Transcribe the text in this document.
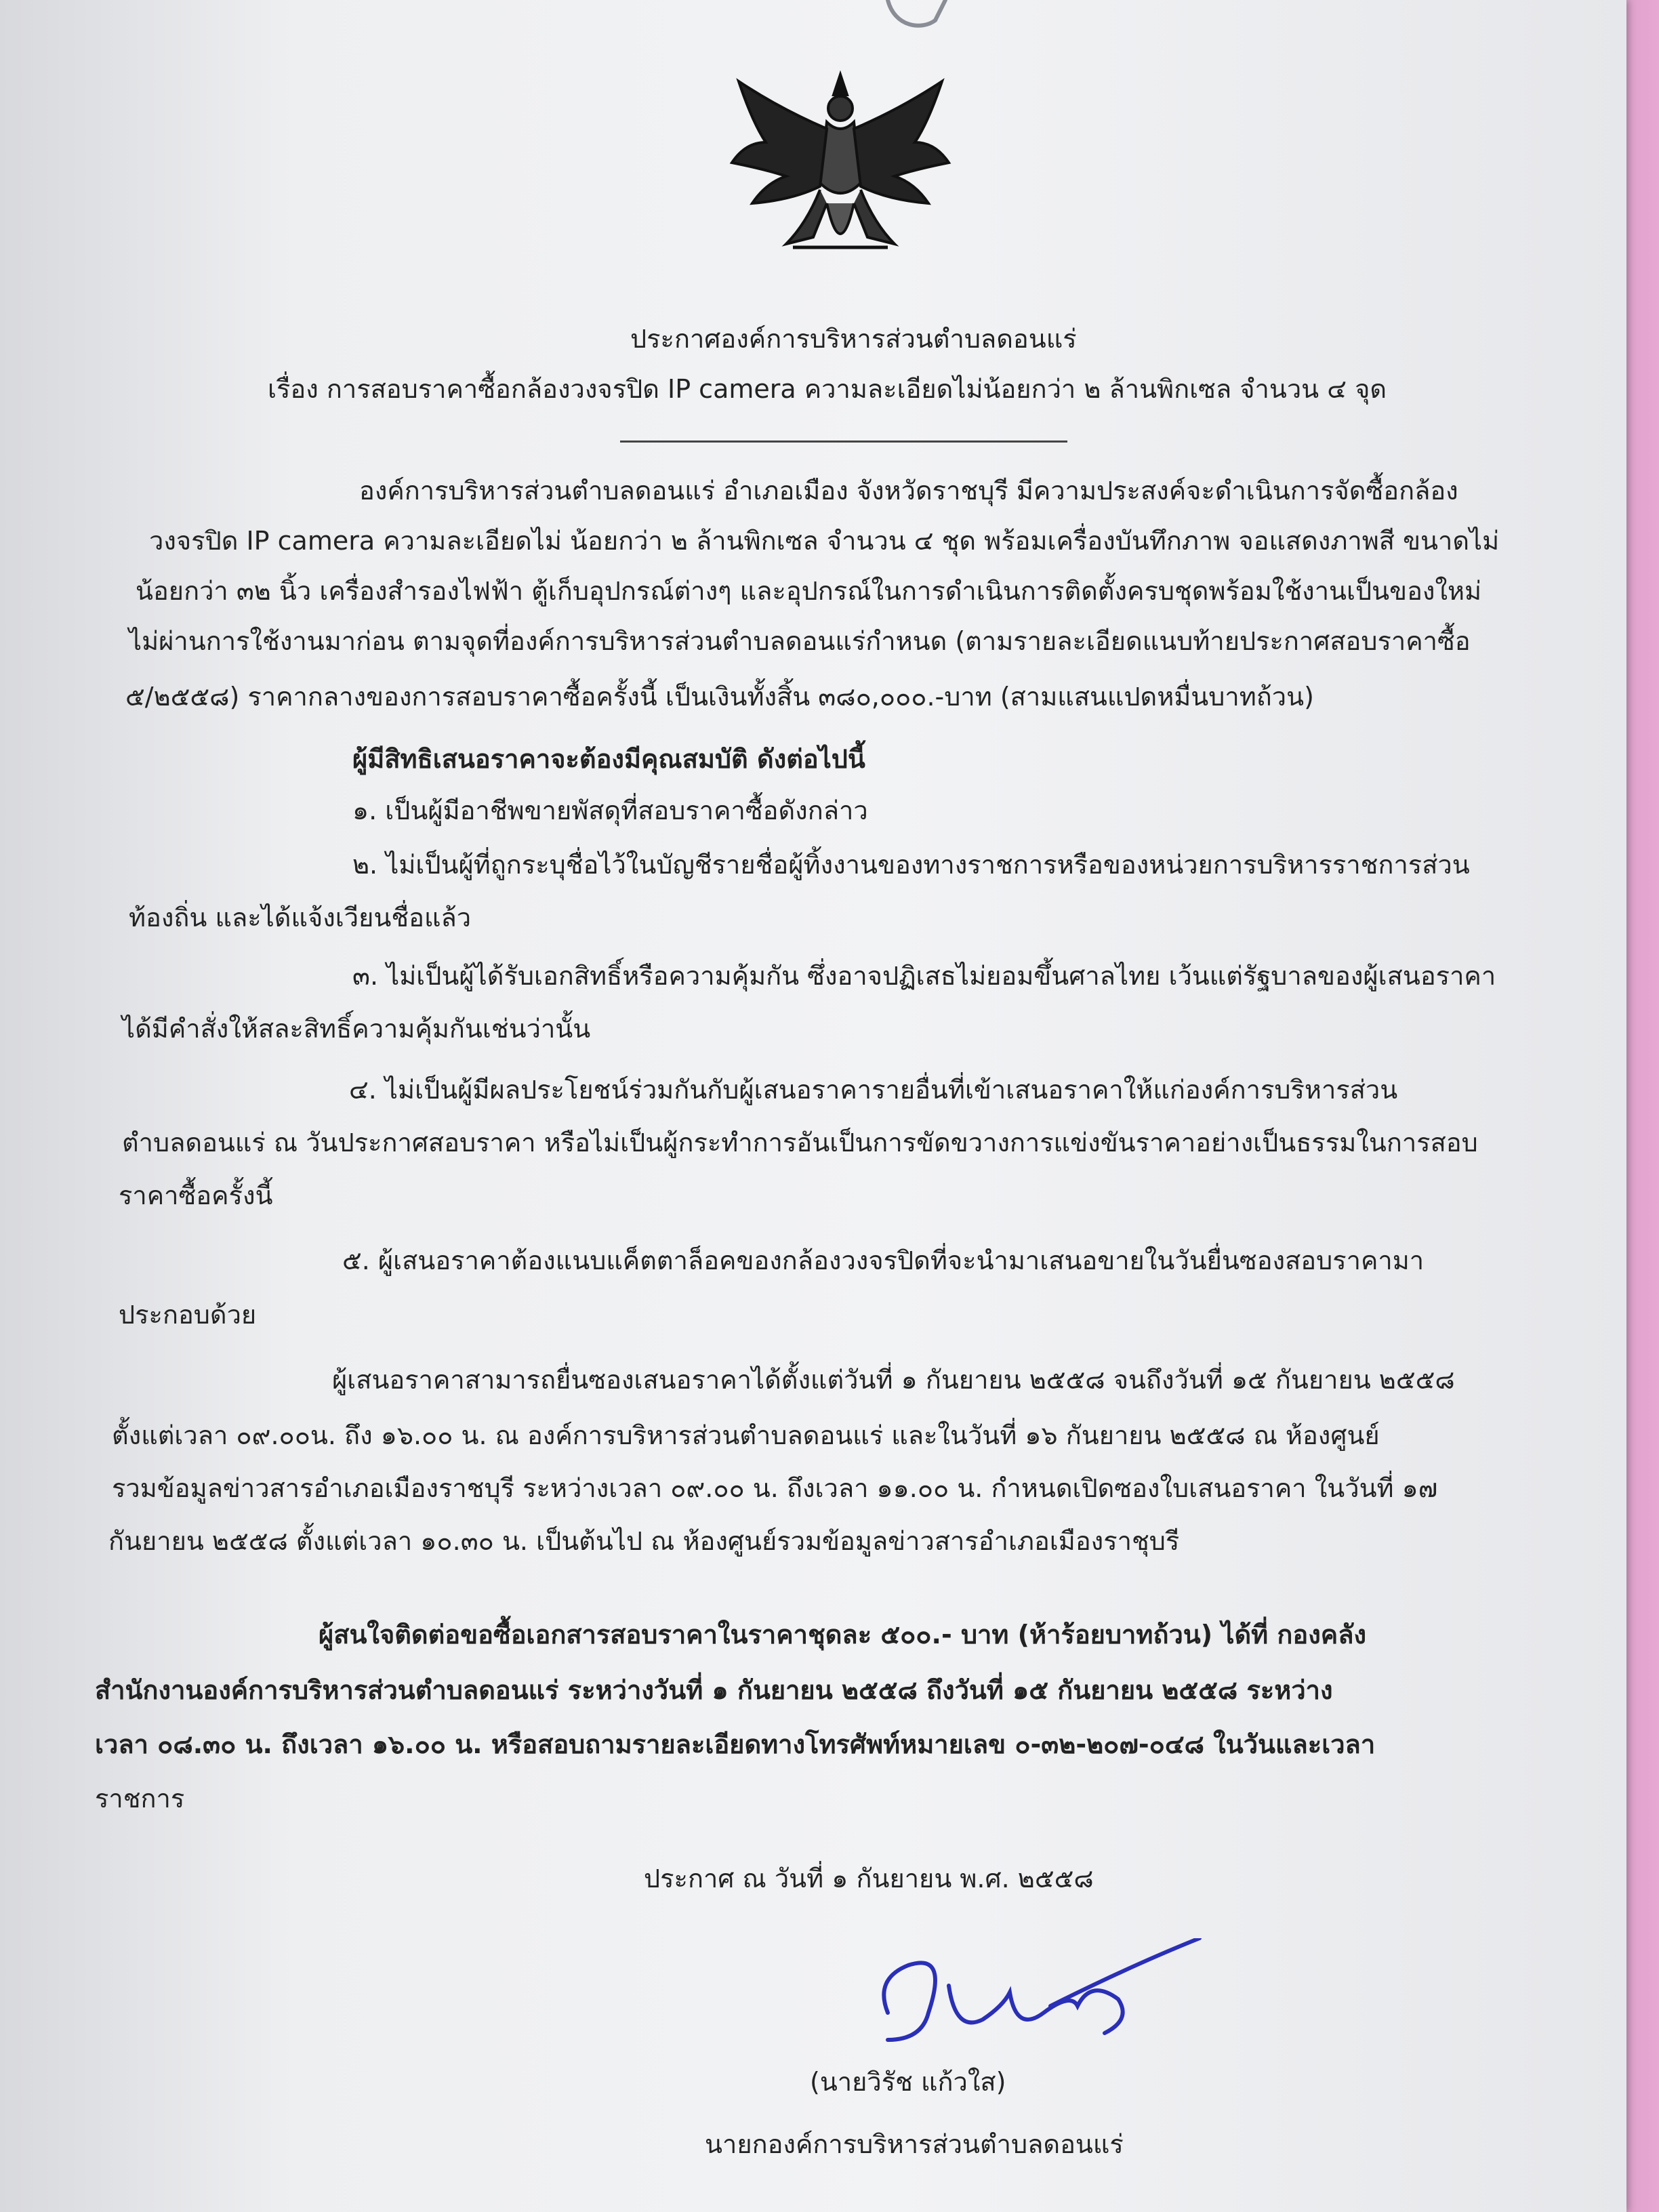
ประกาศองค์การบริหารส่วนตำบลดอนแร่
เรื่อง การสอบราคาซื้อกล้องวงจรปิด IP camera ความละเอียดไม่น้อยกว่า ๒ ล้านพิกเซล จำนวน ๔ จุด
องค์การบริหารส่วนตำบลดอนแร่ อำเภอเมือง จังหวัดราชบุรี มีความประสงค์จะดำเนินการจัดซื้อกล้อง
วงจรปิด IP camera ความละเอียดไม่ น้อยกว่า ๒ ล้านพิกเซล จำนวน ๔ ชุด พร้อมเครื่องบันทึกภาพ จอแสดงภาพสี ขนาดไม่
น้อยกว่า ๓๒ นิ้ว เครื่องสำรองไฟฟ้า ตู้เก็บอุปกรณ์ต่างๆ และอุปกรณ์ในการดำเนินการติดตั้งครบชุดพร้อมใช้งานเป็นของใหม่
ไม่ผ่านการใช้งานมาก่อน ตามจุดที่องค์การบริหารส่วนตำบลดอนแร่กำหนด (ตามรายละเอียดแนบท้ายประกาศสอบราคาซื้อ
๕/๒๕๕๘) ราคากลางของการสอบราคาซื้อครั้งนี้ เป็นเงินทั้งสิ้น ๓๘๐,๐๐๐.-บาท (สามแสนแปดหมื่นบาทถ้วน)
ผู้มีสิทธิเสนอราคาจะต้องมีคุณสมบัติ ดังต่อไปนี้
๑. เป็นผู้มีอาชีพขายพัสดุที่สอบราคาซื้อดังกล่าว
๒. ไม่เป็นผู้ที่ถูกระบุชื่อไว้ในบัญชีรายชื่อผู้ทิ้งงานของทางราชการหรือของหน่วยการบริหารราชการส่วน
ท้องถิ่น และได้แจ้งเวียนชื่อแล้ว
๓. ไม่เป็นผู้ได้รับเอกสิทธิ์หรือความคุ้มกัน ซึ่งอาจปฏิเสธไม่ยอมขึ้นศาลไทย เว้นแต่รัฐบาลของผู้เสนอราคา
ได้มีคำสั่งให้สละสิทธิ์ความคุ้มกันเช่นว่านั้น
๔. ไม่เป็นผู้มีผลประโยชน์ร่วมกันกับผู้เสนอราคารายอื่นที่เข้าเสนอราคาให้แก่องค์การบริหารส่วน
ตำบลดอนแร่ ณ วันประกาศสอบราคา หรือไม่เป็นผู้กระทำการอันเป็นการขัดขวางการแข่งขันราคาอย่างเป็นธรรมในการสอบ
ราคาซื้อครั้งนี้
๕. ผู้เสนอราคาต้องแนบแค็ตตาล็อคของกล้องวงจรปิดที่จะนำมาเสนอขายในวันยื่นซองสอบราคามา
ประกอบด้วย
ผู้เสนอราคาสามารถยื่นซองเสนอราคาได้ตั้งแต่วันที่ ๑ กันยายน ๒๕๕๘ จนถึงวันที่ ๑๕ กันยายน ๒๕๕๘
ตั้งแต่เวลา ๐๙.๐๐น. ถึง ๑๖.๐๐ น. ณ องค์การบริหารส่วนตำบลดอนแร่ และในวันที่ ๑๖ กันยายน ๒๕๕๘ ณ ห้องศูนย์
รวมข้อมูลข่าวสารอำเภอเมืองราชบุรี ระหว่างเวลา ๐๙.๐๐ น. ถึงเวลา ๑๑.๐๐ น. กำหนดเปิดซองใบเสนอราคา ในวันที่ ๑๗
กันยายน ๒๕๕๘ ตั้งแต่เวลา ๑๐.๓๐ น. เป็นต้นไป ณ ห้องศูนย์รวมข้อมูลข่าวสารอำเภอเมืองราชุบรี
ผู้สนใจติดต่อขอซื้อเอกสารสอบราคาในราคาชุดละ ๕๐๐.- บาท (ห้าร้อยบาทถ้วน) ได้ที่ กองคลัง
สำนักงานองค์การบริหารส่วนตำบลดอนแร่ ระหว่างวันที่ ๑ กันยายน ๒๕๕๘ ถึงวันที่ ๑๕ กันยายน ๒๕๕๘ ระหว่าง
เวลา ๐๘.๓๐ น. ถึงเวลา ๑๖.๐๐ น. หรือสอบถามรายละเอียดทางโทรศัพท์หมายเลข ๐-๓๒-๒๐๗-๐๔๘ ในวันและเวลา
ราชการ
ประกาศ ณ วันที่ ๑ กันยายน พ.ศ. ๒๕๕๘
(นายวิรัช แก้วใส)
นายกองค์การบริหารส่วนตำบลดอนแร่
